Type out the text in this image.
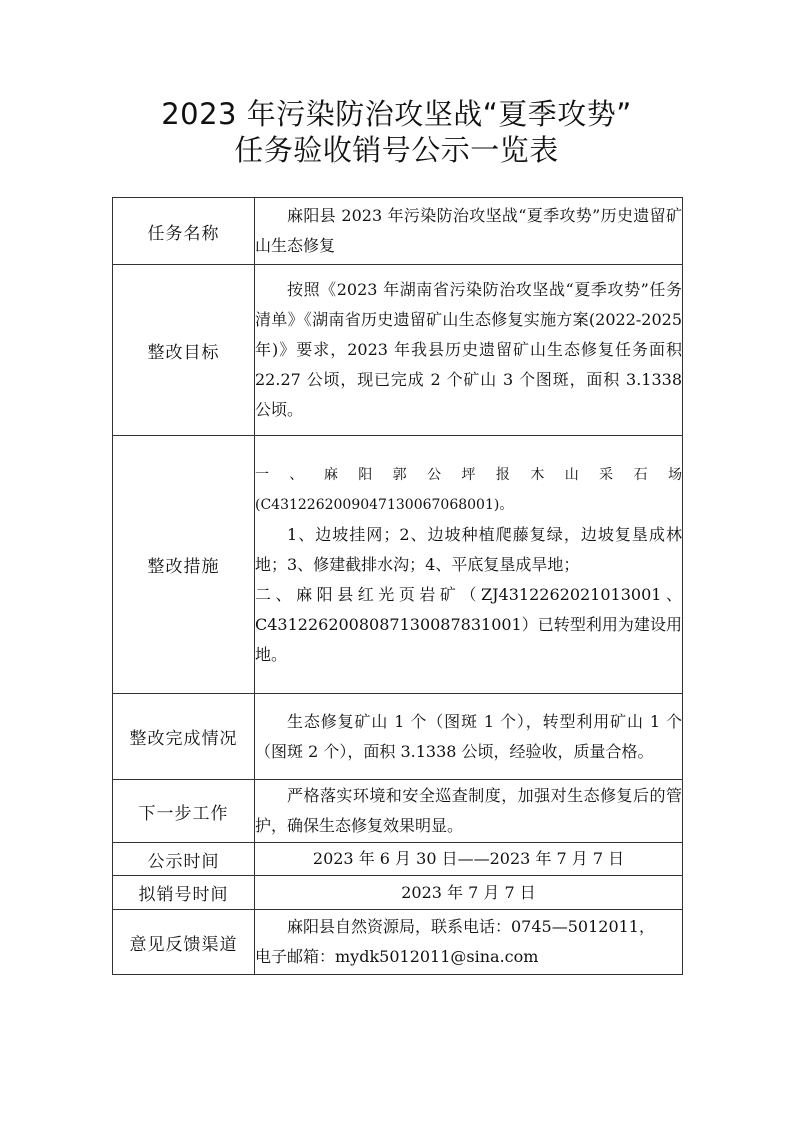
2023 年污染防治攻坚战“夏季攻势”
任务验收销号公示一览表
任务名称	麻阳县 2023 年污染防治攻坚战“夏季攻势”历史遗留矿山生态修复

整改目标	按照《2023 年湖南省污染防治攻坚战“夏季攻势”任务清单》《湖南省历史遗留矿山生态修复实施方案(2022-2025 年)》要求，2023 年我县历史遗留矿山生态修复任务面积 22.27 公顷，现已完成 2 个矿山 3 个图斑，面积 3.1338 公顷。

整改措施	一、麻阳郭公坪报木山采石场(C4312262009047130067068001)。

1、边坡挂网；2、边坡种植爬藤复绿，边坡复垦成林地；3、修建截排水沟；4、平底复垦成旱地；

二、麻阳县红光页岩矿（ZJ4312262021013001、C4312262008087130087831001）已转型利用为建设用地。

整改完成情况	生态修复矿山 1 个（图斑 1 个），转型利用矿山 1 个（图斑 2 个），面积 3.1338 公顷，经验收，质量合格。

下一步工作	严格落实环境和安全巡查制度，加强对生态修复后的管护，确保生态修复效果明显。

公示时间	2023 年 6 月 30 日——2023 年 7 月 7 日

拟销号时间	2023 年 7 月 7 日

意见反馈渠道	麻阳县自然资源局，联系电话：0745—5012011，

电子邮箱：mydk5012011@sina.com
